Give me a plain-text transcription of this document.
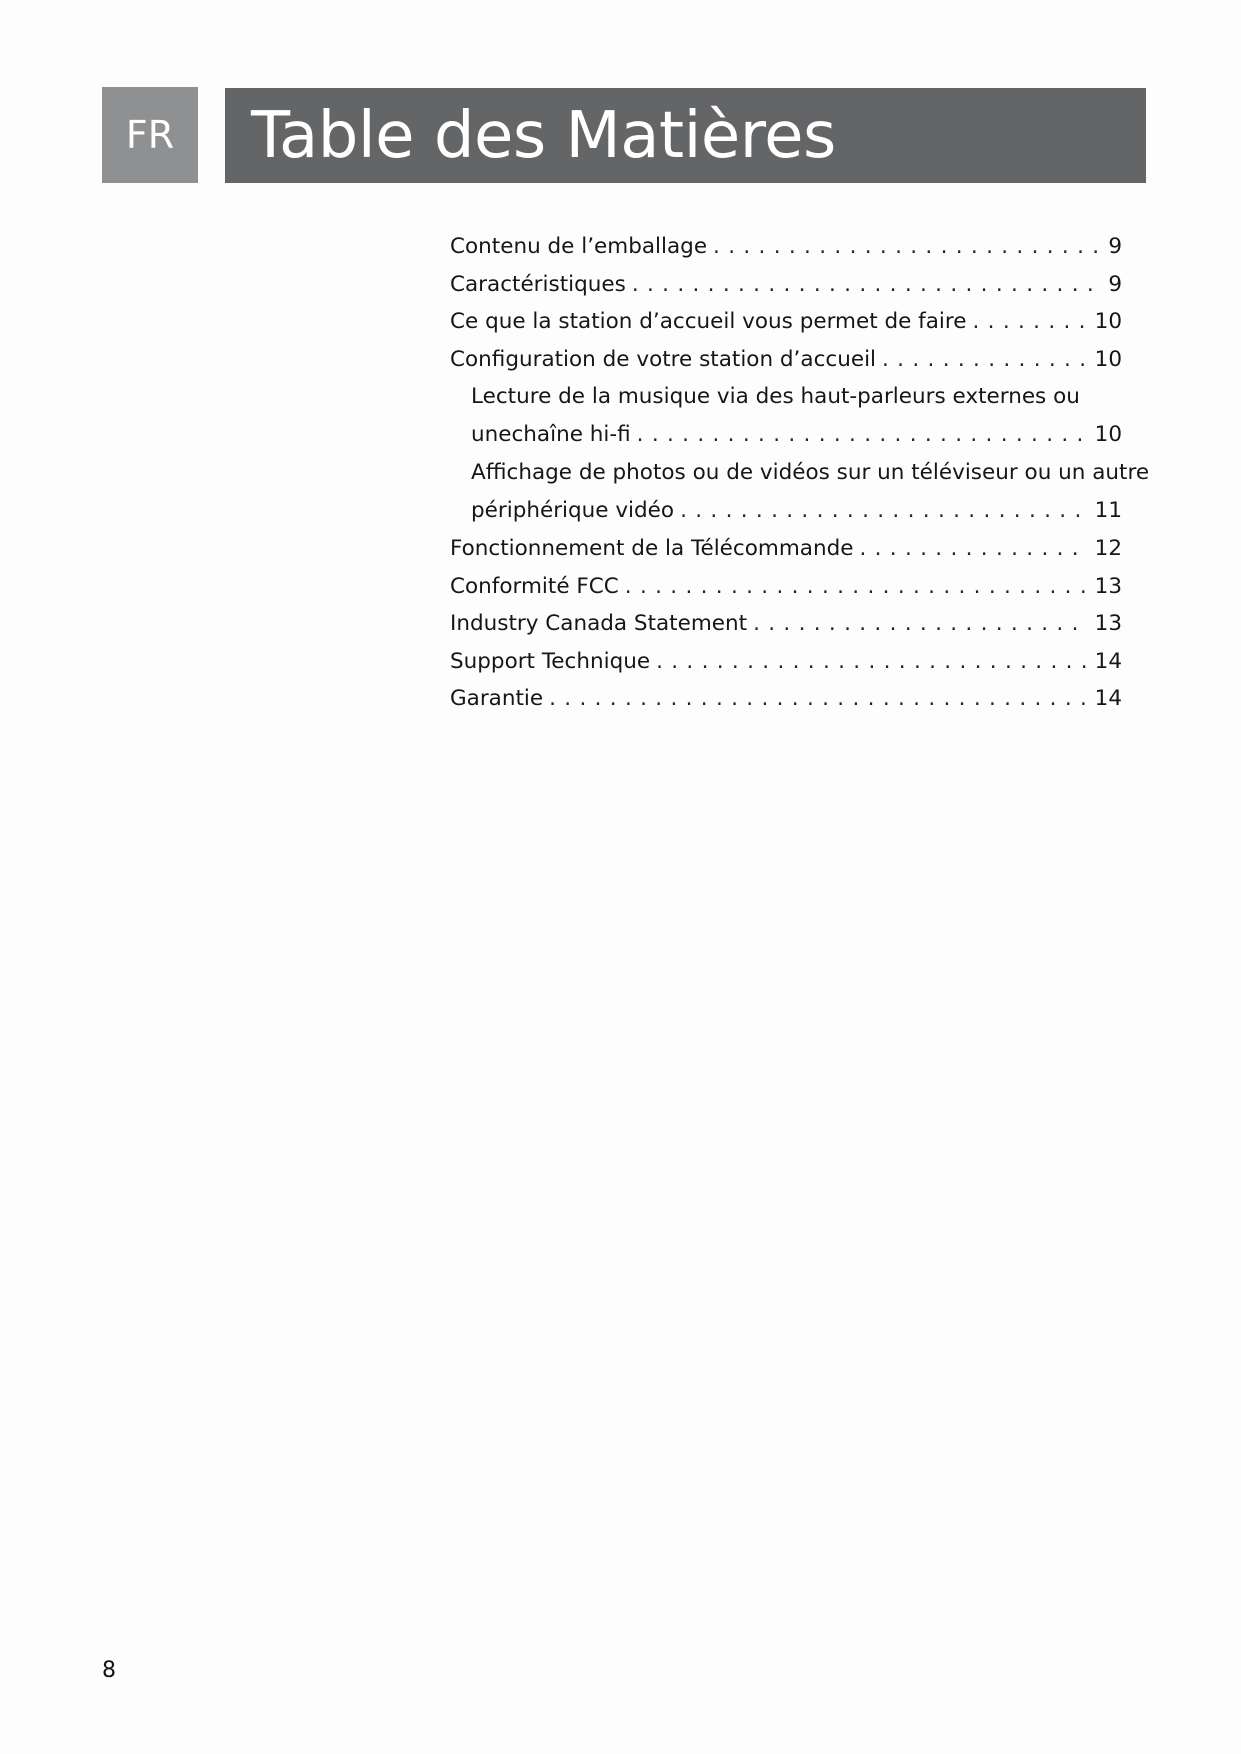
FR Table des Matières
Contenu de l’emballage . . .	9
Caractéristiques . . .	9
Ce que la station d’accueil vous permet de faire . . .	10
Configuration de votre station d’accueil . . .	10
Lecture de la musique via des haut-parleurs externes ou
unechaîne hi-fi . . .	10
Affichage de photos ou de vidéos sur un téléviseur ou un autre
périphérique vidéo . . .	11
Fonctionnement de la Télécommande . . .	12
Conformité FCC . . .	13
Industry Canada Statement . . .	13
Support Technique . . .	14
Garantie . . .	14
8
